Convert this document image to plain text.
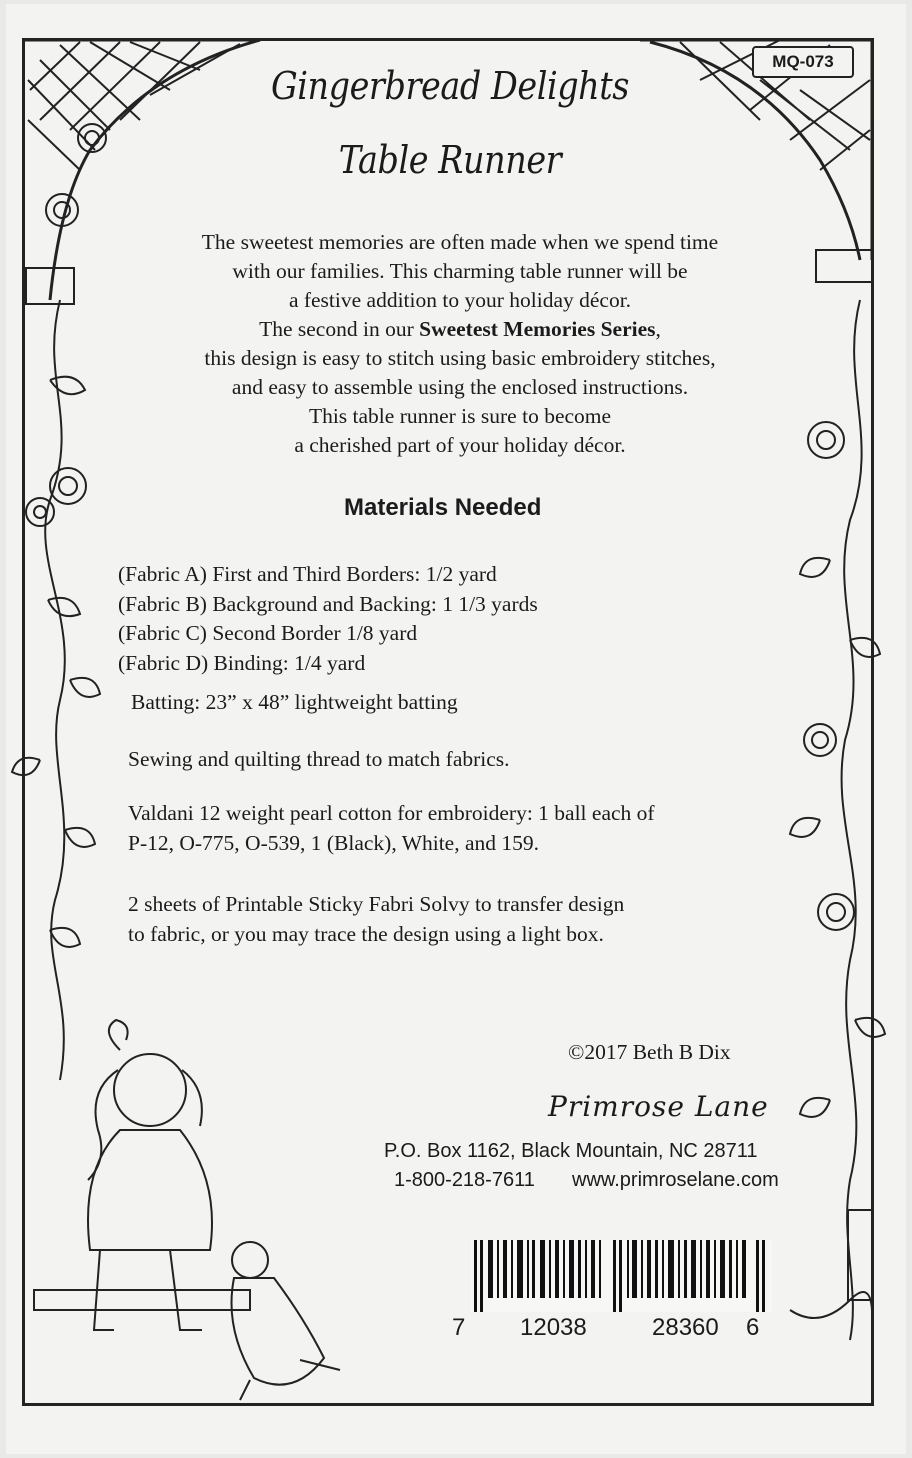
MQ-073
Gingerbread Delights
Table Runner
The sweetest memories are often made when we spend time
with our families. This charming table runner will be
a festive addition to your holiday décor.
The second in our Sweetest Memories Series,
this design is easy to stitch using basic embroidery stitches,
and easy to assemble using the enclosed instructions.
This table runner is sure to become
a cherished part of your holiday décor.
Materials Needed
(Fabric A) First and Third Borders: 1/2 yard
(Fabric B) Background and Backing: 1 1/3 yards
(Fabric C) Second Border 1/8 yard
(Fabric D) Binding: 1/4 yard
Batting: 23” x 48” lightweight batting
Sewing and quilting thread to match fabrics.
Valdani 12 weight pearl cotton for embroidery: 1 ball each of
P-12, O-775, O-539, 1 (Black), White, and 159.
2 sheets of Printable Sticky Fabri Solvy to transfer design
to fabric, or you may trace the design using a light box.
©2017 Beth B Dix
Primrose Lane
P.O. Box 1162, Black Mountain, NC 28711
1-800-218-7611 www.primroselane.com
7 12038	28360 6
